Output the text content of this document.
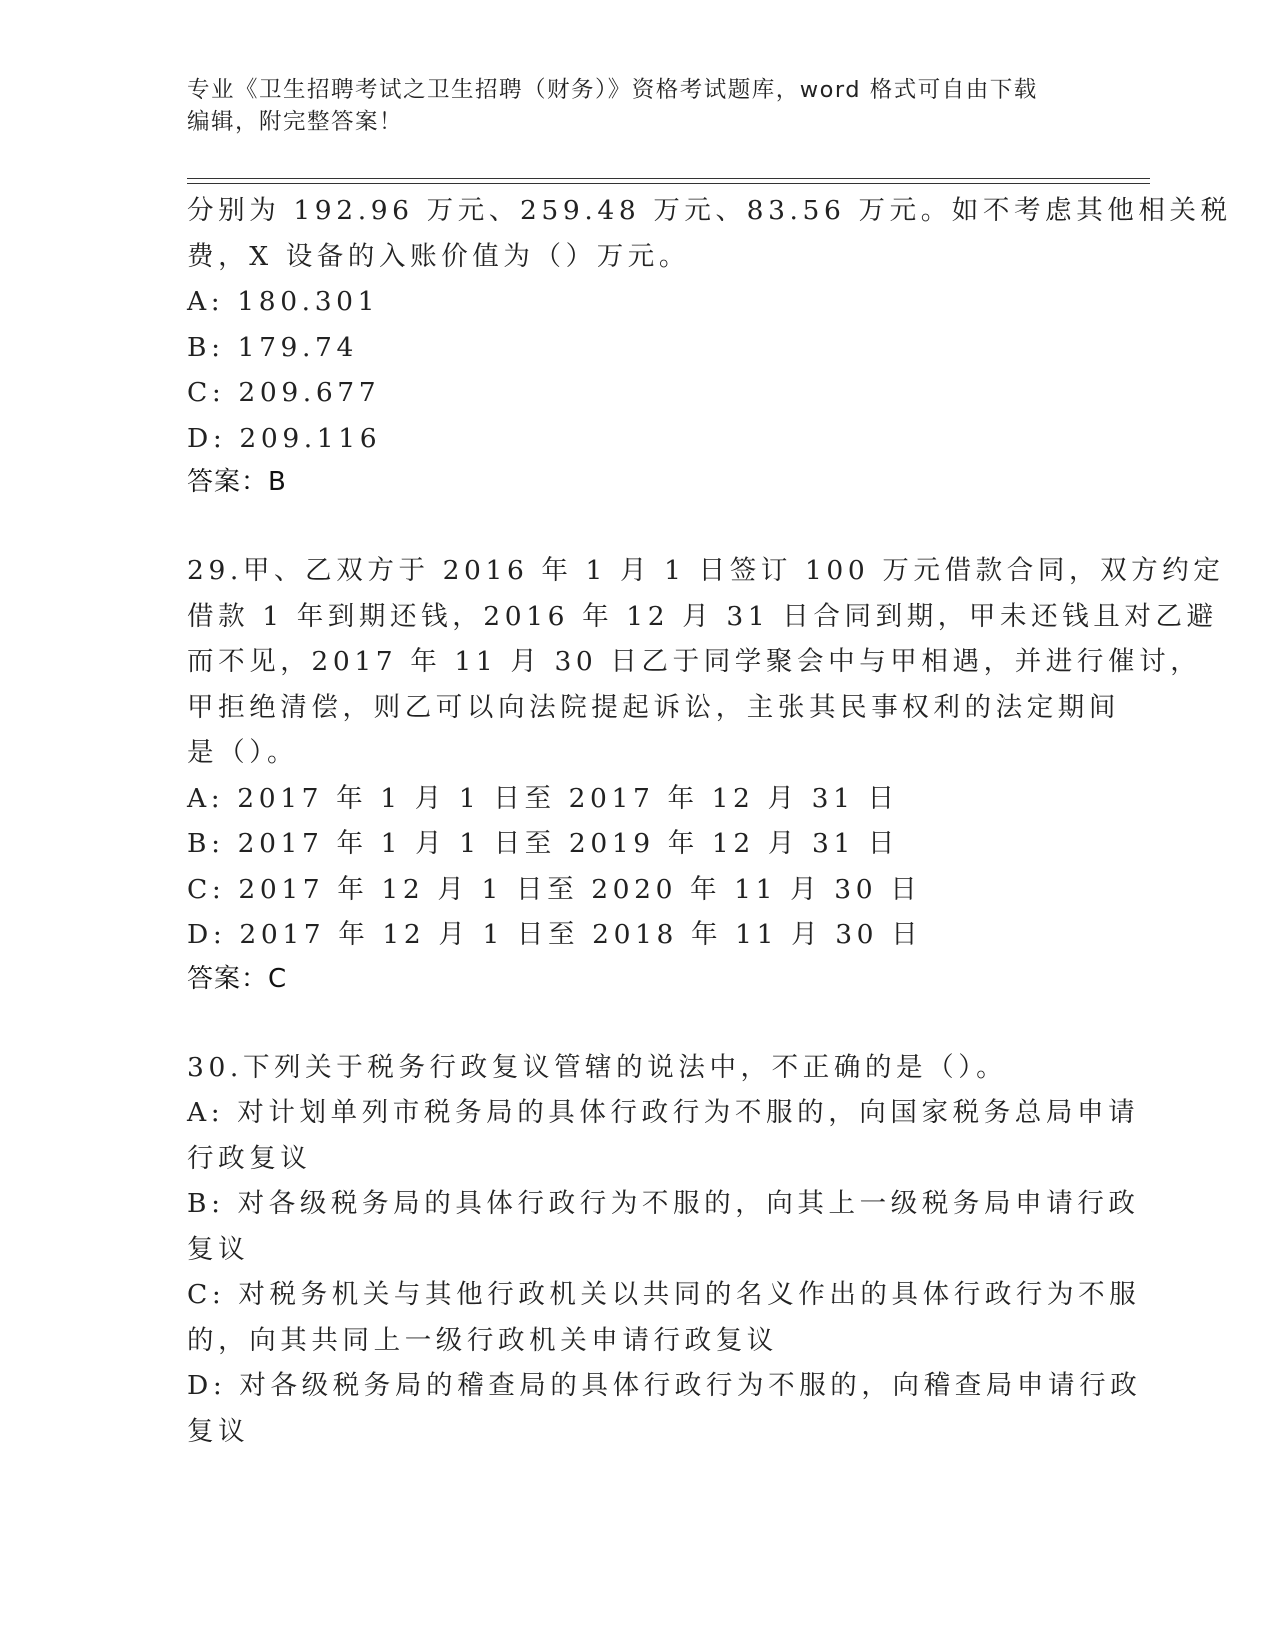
专业《卫生招聘考试之卫生招聘（财务）》资格考试题库，word 格式可自由下载
编辑，附完整答案！
分别为 192.96 万元、259.48 万元、83.56 万元。如不考虑其他相关税
费，X 设备的入账价值为（）万元。
A: 180.301
B: 179.74
C: 209.677
D: 209.116
答案：B
29.甲、乙双方于 2016 年 1 月 1 日签订 100 万元借款合同，双方约定
借款 1 年到期还钱，2016 年 12 月 31 日合同到期，甲未还钱且对乙避
而不见，2017 年 11 月 30 日乙于同学聚会中与甲相遇，并进行催讨，
甲拒绝清偿，则乙可以向法院提起诉讼，主张其民事权利的法定期间
是（）。
A: 2017 年 1 月 1 日至 2017 年 12 月 31 日
B: 2017 年 1 月 1 日至 2019 年 12 月 31 日
C: 2017 年 12 月 1 日至 2020 年 11 月 30 日
D: 2017 年 12 月 1 日至 2018 年 11 月 30 日
答案：C
30.下列关于税务行政复议管辖的说法中，不正确的是（）。
A: 对计划单列市税务局的具体行政行为不服的，向国家税务总局申请
行政复议
B: 对各级税务局的具体行政行为不服的，向其上一级税务局申请行政
复议
C: 对税务机关与其他行政机关以共同的名义作出的具体行政行为不服
的，向其共同上一级行政机关申请行政复议
D: 对各级税务局的稽查局的具体行政行为不服的，向稽查局申请行政
复议
